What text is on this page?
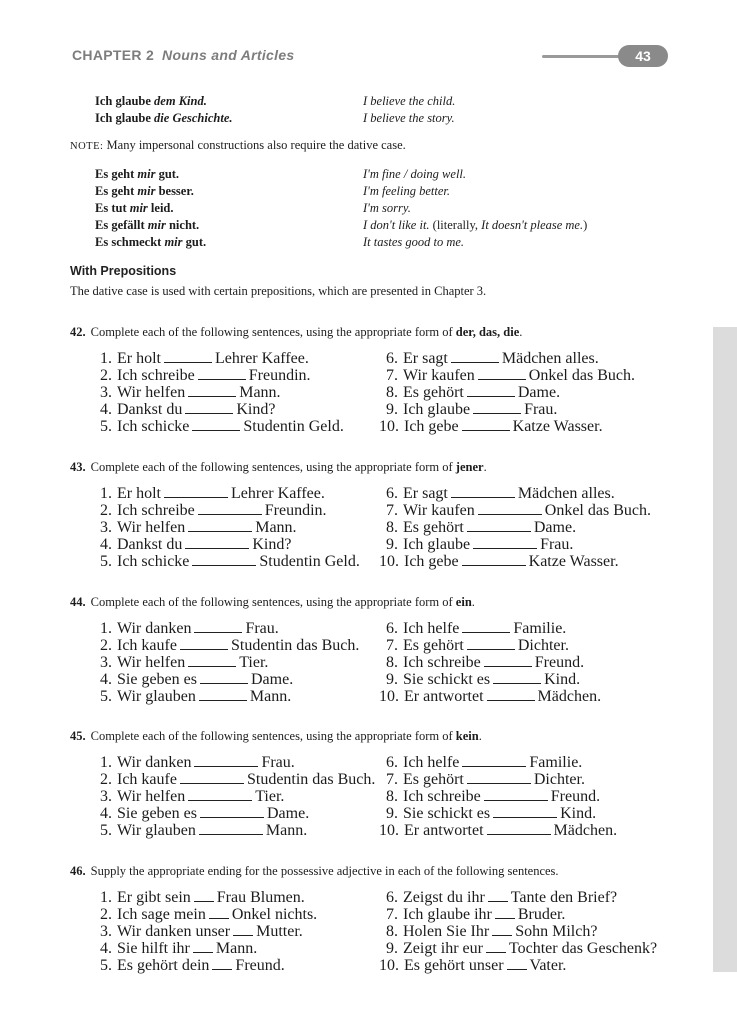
CHAPTER 2 Nouns and Articles	43
Ich glaube dem Kind.	I believe the child.
Ich glaube die Geschichte.	I believe the story.
NOTE: Many impersonal constructions also require the dative case.
Es geht mir gut.	I'm fine / doing well.
Es geht mir besser.	I'm feeling better.
Es tut mir leid.	I'm sorry.
Es gefällt mir nicht.	I don't like it. (literally, It doesn't please me.)
Es schmeckt mir gut.	It tastes good to me.
With Prepositions
The dative case is used with certain prepositions, which are presented in Chapter 3.
42. Complete each of the following sentences, using the appropriate form of der, das, die.
1. Er holt	Lehrer Kaffee.
2. Ich schreibe	Freundin.
3. Wir helfen	Mann.
4. Dankst du	Kind?
5. Ich schicke	Studentin Geld.
6. Er sagt	Mädchen alles.
7. Wir kaufen	Onkel das Buch.
8. Es gehört	Dame.
9. Ich glaube	Frau.
10. Ich gebe	Katze Wasser.
43. Complete each of the following sentences, using the appropriate form of jener.
1. Er holt	Lehrer Kaffee.
2. Ich schreibe	Freundin.
3. Wir helfen	Mann.
4. Dankst du	Kind?
5. Ich schicke	Studentin Geld.
6. Er sagt	Mädchen alles.
7. Wir kaufen	Onkel das Buch.
8. Es gehört	Dame.
9. Ich glaube	Frau.
10. Ich gebe	Katze Wasser.
44. Complete each of the following sentences, using the appropriate form of ein.
1. Wir danken	Frau.
2. Ich kaufe	Studentin das Buch.
3. Wir helfen	Tier.
4. Sie geben es	Dame.
5. Wir glauben	Mann.
6. Ich helfe	Familie.
7. Es gehört	Dichter.
8. Ich schreibe	Freund.
9. Sie schickt es	Kind.
10. Er antwortet	Mädchen.
45. Complete each of the following sentences, using the appropriate form of kein.
1. Wir danken	Frau.
2. Ich kaufe	Studentin das Buch.
3. Wir helfen	Tier.
4. Sie geben es	Dame.
5. Wir glauben	Mann.
6. Ich helfe	Familie.
7. Es gehört	Dichter.
8. Ich schreibe	Freund.
9. Sie schickt es	Kind.
10. Er antwortet	Mädchen.
46. Supply the appropriate ending for the possessive adjective in each of the following sentences.
1. Er gibt sein Frau Blumen.
2. Ich sage mein Onkel nichts.
3. Wir danken unser Mutter.
4. Sie hilft ihr Mann.
5. Es gehört dein Freund.
6. Zeigst du ihr Tante den Brief?
7. Ich glaube ihr Bruder.
8. Holen Sie Ihr Sohn Milch?
9. Zeigt ihr eur Tochter das Geschenk?
10. Es gehört unser Vater.
